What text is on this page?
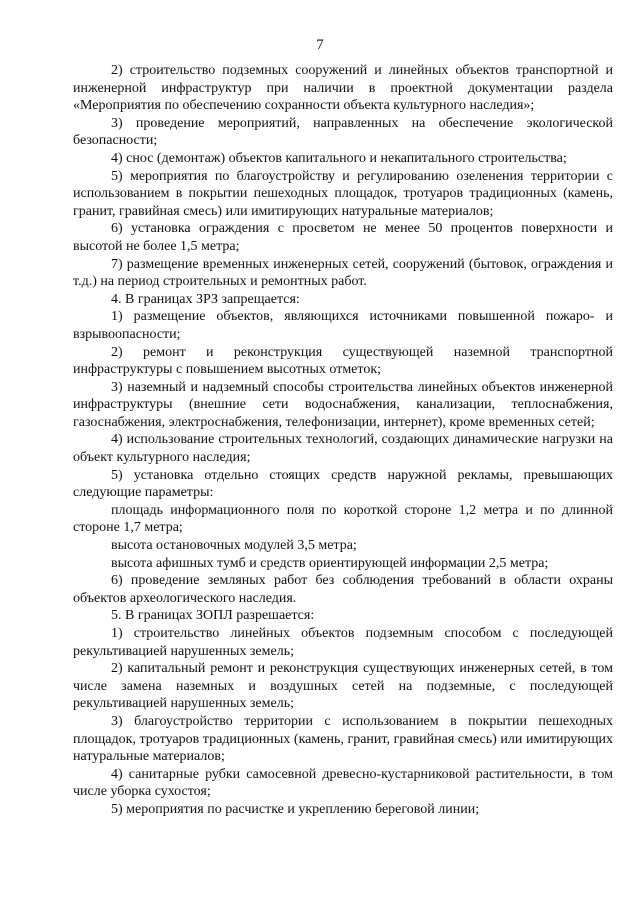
7

2) строительство подземных сооружений и линейных объектов транспортной и инженерной инфраструктур при наличии в проектной документации раздела «Мероприятия по обеспечению сохранности объекта культурного наследия»;

3) проведение мероприятий, направленных на обеспечение экологической безопасности;

4) снос (демонтаж) объектов капитального и некапитального строительства;

5) мероприятия по благоустройству и регулированию озеленения территории с использованием в покрытии пешеходных площадок, тротуаров традиционных (камень, гранит, гравийная смесь) или имитирующих натуральные материалов;

6) установка ограждения с просветом не менее 50 процентов поверхности и высотой не более 1,5 метра;

7) размещение временных инженерных сетей, сооружений (бытовок, ограждения и т.д.) на период строительных и ремонтных работ.

4. В границах ЗРЗ запрещается:

1) размещение объектов, являющихся источниками повышенной пожаро- и взрывоопасности;

2) ремонт и реконструкция существующей наземной транспортной инфраструктуры с повышением высотных отметок;

3) наземный и надземный способы строительства линейных объектов инженерной инфраструктуры (внешние сети водоснабжения, канализации, теплоснабжения, газоснабжения, электроснабжения, телефонизации, интернет), кроме временных сетей;

4) использование строительных технологий, создающих динамические нагрузки на объект культурного наследия;

5) установка отдельно стоящих средств наружной рекламы, превышающих следующие параметры:

площадь информационного поля по короткой стороне 1,2 метра и по длинной стороне 1,7 метра;

высота остановочных модулей 3,5 метра;

высота афишных тумб и средств ориентирующей информации 2,5 метра;

6) проведение земляных работ без соблюдения требований в области охраны объектов археологического наследия.

5. В границах ЗОПЛ разрешается:

1) строительство линейных объектов подземным способом с последующей рекультивацией нарушенных земель;

2) капитальный ремонт и реконструкция существующих инженерных сетей, в том числе замена наземных и воздушных сетей на подземные, с последующей рекультивацией нарушенных земель;

3) благоустройство территории с использованием в покрытии пешеходных площадок, тротуаров традиционных (камень, гранит, гравийная смесь) или имитирующих натуральные материалов;

4) санитарные рубки самосевной древесно-кустарниковой растительности, в том числе уборка сухостоя;

5) мероприятия по расчистке и укреплению береговой линии;
